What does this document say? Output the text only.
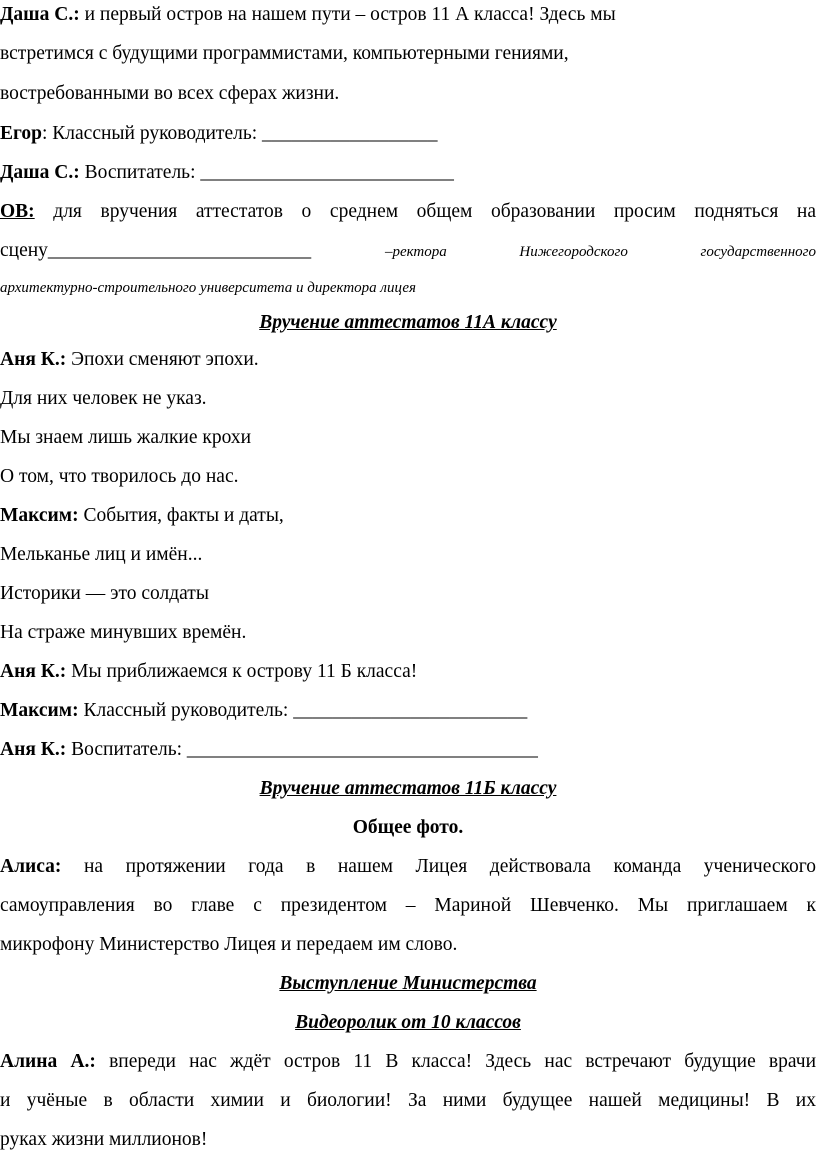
Даша С.: и первый остров на нашем пути – остров 11 А класса! Здесь мы
встретимся с будущими программистами, компьютерными гениями,
востребованными во всех сферах жизни.
Егор: Классный руководитель: __________________
Даша С.: Воспитатель: __________________________
ОВ: для вручения аттестатов о среднем общем образовании просим подняться на
сцену___________________________	–ректора Нижегородского государственного
архитектурно-строительного университета и директора лицея
Вручение аттестатов 11А классу
Аня К.: Эпохи сменяют эпохи.
Для них человек не указ.
Мы знаем лишь жалкие крохи
О том, что творилось до нас.
Максим: События, факты и даты,
Мельканье лиц и имён...
Историки — это солдаты
На страже минувших времён.
Аня К.: Мы приближаемся к острову 11 Б класса!
Максим: Классный руководитель: ________________________
Аня К.: Воспитатель: ____________________________________
Вручение аттестатов 11Б классу
Общее фото.
Алиса: на протяжении года в нашем Лицея действовала команда ученического
самоуправления во главе с президентом – Мариной Шевченко. Мы приглашаем к
микрофону Министерство Лицея и передаем им слово.
Выступление Министерства
Видеоролик от 10 классов
Алина А.: впереди нас ждёт остров 11 В класса! Здесь нас встречают будущие врачи
и учёные в области химии и биологии! За ними будущее нашей медицины! В их
руках жизни миллионов!
